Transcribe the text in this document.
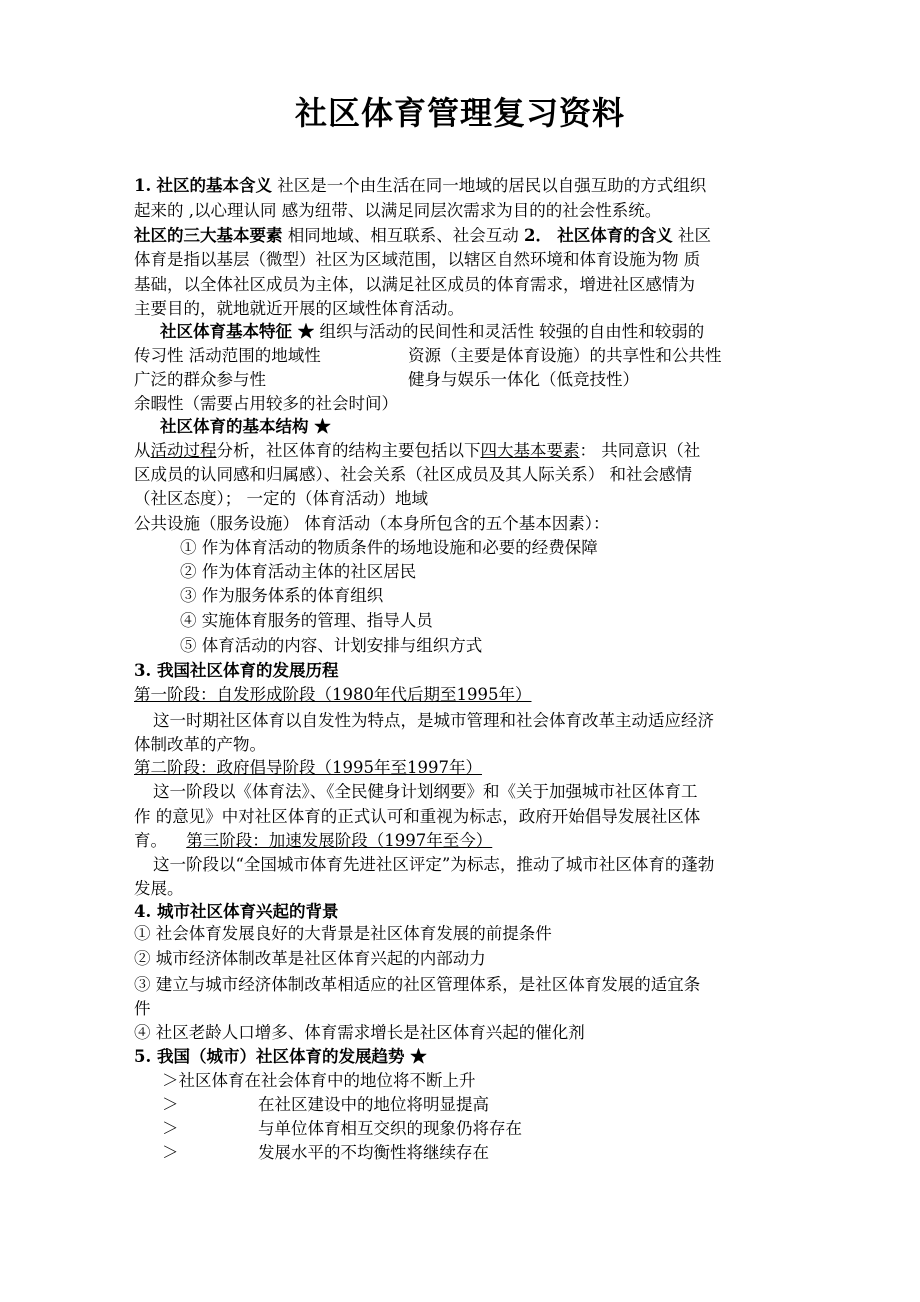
社区体育管理复习资料
1. 社区的基本含义 社区是一个由生活在同一地域的居民以自强互助的方式组织
起来的 ,以心理认同 感为纽带、以满足同层次需求为目的的社会性系统。
社区的三大基本要素 相同地域、相互联系、社会互动 2． 社区体育的含义 社区
体育是指以基层（微型）社区为区域范围，以辖区自然环境和体育设施为物 质
基础，以全体社区成员为主体，以满足社区成员的体育需求，增进社区感情为
主要目的，就地就近开展的区域性体育活动。
社区体育基本特征 ★ 组织与活动的民间性和灵活性 较强的自由性和较弱的
传习性 活动范围的地域性	资源（主要是体育设施）的共享性和公共性
广泛的群众参与性	健身与娱乐一体化（低竞技性）
余暇性（需要占用较多的社会时间）
社区体育的基本结构 ★
从活动过程分析，社区体育的结构主要包括以下四大基本要素： 共同意识（社
区成员的认同感和归属感）、社会关系（社区成员及其人际关系） 和社会感情
（社区态度）； 一定的（体育活动）地域
公共设施（服务设施） 体育活动（本身所包含的五个基本因素）：
① 作为体育活动的物质条件的场地设施和必要的经费保障
② 作为体育活动主体的社区居民
③ 作为服务体系的体育组织
④ 实施体育服务的管理、指导人员
⑤ 体育活动的内容、计划安排与组织方式
3. 我国社区体育的发展历程
第一阶段：自发形成阶段（1980年代后期至1995年）
这一时期社区体育以自发性为特点，是城市管理和社会体育改革主动适应经济
体制改革的产物。
第二阶段：政府倡导阶段（1995年至1997年）
这一阶段以《体育法》、《全民健身计划纲要》和《关于加强城市社区体育工
作 的意见》中对社区体育的正式认可和重视为标志，政府开始倡导发展社区体
育。 第三阶段：加速发展阶段（1997年至今）
这一阶段以“全国城市体育先进社区评定”为标志，推动了城市社区体育的蓬勃
发展。
4. 城市社区体育兴起的背景
① 社会体育发展良好的大背景是社区体育发展的前提条件
② 城市经济体制改革是社区体育兴起的内部动力
③ 建立与城市经济体制改革相适应的社区管理体系，是社区体育发展的适宜条
件
④ 社区老龄人口增多、体育需求增长是社区体育兴起的催化剂
5. 我国（城市）社区体育的发展趋势 ★
＞社区体育在社会体育中的地位将不断上升
＞	在社区建设中的地位将明显提高
＞	与单位体育相互交织的现象仍将存在
＞	发展水平的不均衡性将继续存在
